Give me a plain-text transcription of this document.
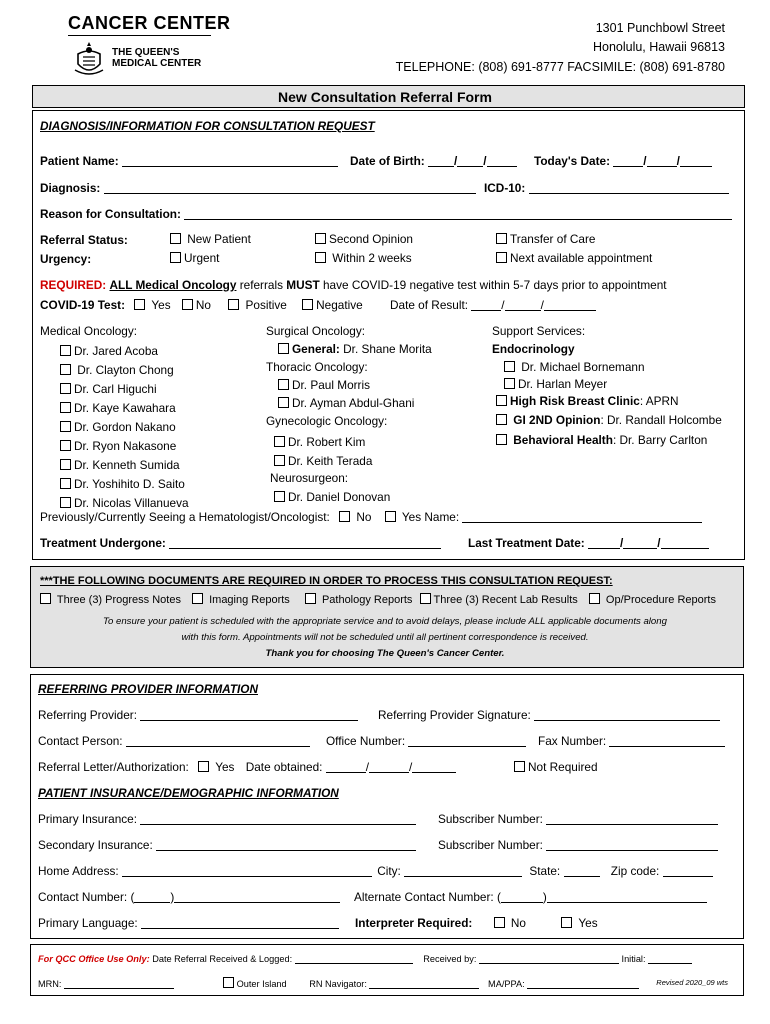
CANCER CENTER
THE QUEEN'S
MEDICAL CENTER
1301 Punchbowl Street
Honolulu, Hawaii 96813
TELEPHONE: (808) 691-8777 FACSIMILE: (808) 691-8780
New Consultation Referral Form
DIAGNOSIS/INFORMATION FOR CONSULTATION REQUEST
Patient Name:	Date of Birth: / /	Today's Date:	/	/
Diagnosis:	ICD-10:
Reason for Consultation:
Referral Status:
Urgency:
New Patient	Second Opinion	Transfer of Care
Urgent	Within 2 weeks	Next available appointment
REQUIRED: ALL Medical Oncology referrals MUST have COVID-19 negative test within 5-7 days prior to appointment
COVID-19 Test: Yes No	Positive Negative Date of Result:	/	/
Medical Oncology:
Dr. Jared Acoba
Dr. Clayton Chong
Dr. Carl Higuchi
Dr. Kaye Kawahara
Dr. Gordon Nakano
Dr. Ryon Nakasone
Dr. Kenneth Sumida
Dr. Yoshihito D. Saito
Dr. Nicolas Villanueva
Surgical Oncology:
General: Dr. Shane Morita
Thoracic Oncology:
Dr. Paul Morris
Dr. Ayman Abdul-Ghani
Gynecologic Oncology:
Dr. Robert Kim
Dr. Keith Terada
Neurosurgeon:
Dr. Daniel Donovan
Support Services:
Endocrinology
Dr. Michael Bornemann
Dr. Harlan Meyer
High Risk Breast Clinic: APRN
GI 2ND Opinion: Dr. Randall Holcombe
Behavioral Health: Dr. Barry Carlton
Previously/Currently Seeing a Hematologist/Oncologist: No	Yes Name:
Treatment Undergone:	Last Treatment Date:	/	/
***THE FOLLOWING DOCUMENTS ARE REQUIRED IN ORDER TO PROCESS THIS CONSULTATION REQUEST:
Three (3) Progress Notes	Imaging Reports	Pathology Reports Three (3) Recent Lab Results	Op/Procedure Reports
To ensure your patient is scheduled with the appropriate service and to avoid delays, please include ALL applicable documents along
with this form. Appointments will not be scheduled until all pertinent correspondence is received.
Thank you for choosing The Queen's Cancer Center.
REFERRING PROVIDER INFORMATION
Referring Provider:	Referring Provider Signature:
Contact Person:	Office Number:	Fax Number:
Referral Letter/Authorization: Yes Date obtained:	/	/	Not Required
PATIENT INSURANCE/DEMOGRAPHIC INFORMATION
Primary Insurance:	Subscriber Number:
Secondary Insurance:	Subscriber Number:
Home Address:	City:	State:	Zip code:
Contact Number: (	)	Alternate Contact Number: (	)
Primary Language:	Interpreter Required:	No	Yes
For QCC Office Use Only: Date Referral Received & Logged:	Received by:	Initial:
MRN:	Outer Island RN Navigator:	MA/PPA:	Revised 2020_09 wts
